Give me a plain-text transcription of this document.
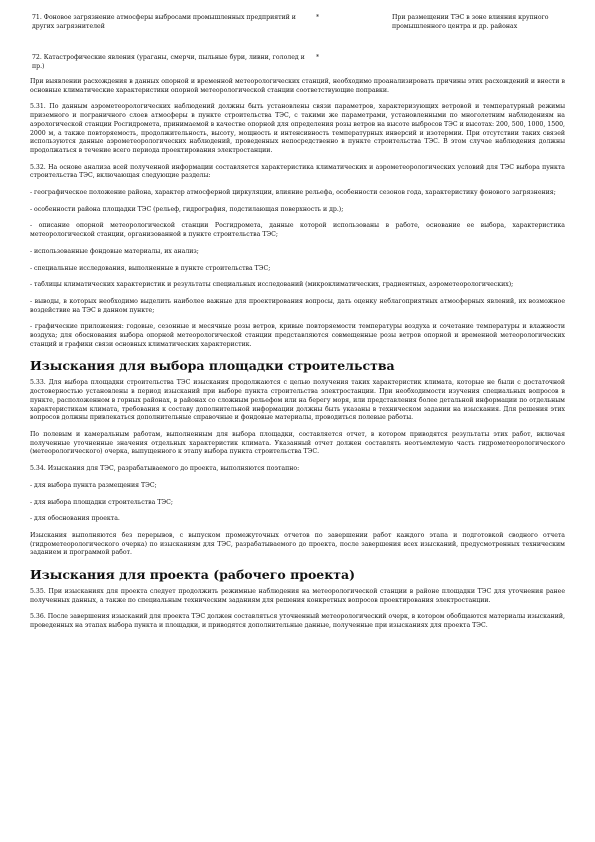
71. Фоновое загрязнение атмосферы выбросами промышленных предприятий и других загрязнителей
*	При размещении ТЭС в зоне влияния крупного промышленного центра и др. районах
72. Катастрофические явления (ураганы, смерчи, пыльные бури, ливни, гололед и пр.)
*

При выявлении расхождения в данных опорной и временной метеорологических станций, необходимо проанализировать причины этих расхождений и внести в основные климатические характеристики опорной метеорологической станции соответствующие поправки.

5.31. По данным аэрометеорологических наблюдений должны быть установлены связи параметров, характеризующих ветровой и температурный режимы приземного и пограничного слоев атмосферы в пункте строительства ТЭС, с такими же параметрами, установленными по многолетним наблюдениям на аэрологической станции Росгидромета, принимаемой в качестве опорной для определения розы ветров на высоте выбросов ТЭС и высотах: 200, 500, 1000, 1500, 2000 м, а также повторяемость, продолжительность, высоту, мощность и интенсивность температурных инверсий и изотермии. При отсутствии таких связей используются данные аэрометеорологических наблюдений, проведенных непосредственно в пункте строительства ТЭС. В этом случае наблюдения должны продолжаться в течение всего периода проектирования электростанции.

5.32. На основе анализа всей полученной информации составляется характеристика климатических и аэрометеорологических условий для ТЭС выбора пункта строительства ТЭС, включающая следующие разделы:

- географическое положение района, характер атмосферной циркуляции, влияние рельефа, особенности сезонов года, характеристику фонового загрязнения;

- особенности района площадки ТЭС (рельеф, гидрография, подстилающая поверхность и др.);

- описание опорной метеорологической станции Росгидромета, данные которой использованы в работе, основание ее выбора, характеристика метеорологической станции, организованной в пункте строительства ТЭС;

- использованные фондовые материалы, их анализ;

- специальные исследования, выполненные в пункте строительства ТЭС;

- таблицы климатических характеристик и результаты специальных исследований (микроклиматических, градиентных, аэрометеорологических);

- выводы, в которых необходимо выделить наиболее важные для проектирования вопросы, дать оценку неблагоприятных атмосферных явлений, их возможное воздействие на ТЭС в данном пункте;

- графические приложения: годовые, сезонные и месячные розы ветров, кривые повторяемости температуры воздуха и сочетание температуры и влажности воздуха; для обоснования выбора опорной метеорологической станции представляются совмещенные розы ветров опорной и временной метеорологических станций и графики связи основных климатических характеристик.

Изыскания для выбора площадки строительства

5.33. Для выбора площадки строительства ТЭС изыскания продолжаются с целью получения таких характеристик климата, которые не были с достаточной достоверностью установлены в период изысканий при выборе пункта строительства электростанции. При необходимости изучения специальных вопросов в пункте, расположенном в горных районах, в районах со сложным рельефом или на берегу моря, или представления более детальной информации по отдельным характеристикам климата, требования к составу дополнительной информации должны быть указаны в техническом задании на изыскания. Для решения этих вопросов должны привлекаться дополнительные справочные и фондовые материалы, проводиться полевые работы.

По полевым и камеральным работам, выполненным для выбора площадки, составляется отчет, в котором приводятся результаты этих работ, включая полученные уточненные значения отдельных характеристик климата. Указанный отчет должен составлять неотъемлемую часть гидрометеорологического (метеорологического) очерка, выпущенного к этапу выбора пункта строительства ТЭС.

5.34. Изыскания для ТЭС, разрабатываемого до проекта, выполняются поэтапно:

- для выбора пункта размещения ТЭС;

- для выбора площадки строительства ТЭС;

- для обоснования проекта.

Изыскания выполняются без перерывов, с выпуском промежуточных отчетов по завершении работ каждого этапа и подготовкой сводного отчета (гидрометеорологического очерка) по изысканиям для ТЭС, разрабатываемого до проекта, после завершения всех изысканий, предусмотренных техническим заданием и программой работ.

Изыскания для проекта (рабочего проекта)

5.35. При изысканиях для проекта следует продолжить режимные наблюдения на метеорологической станции в районе площадки ТЭС для уточнения ранее полученных данных, а также по специальным техническим заданиям для решения конкретных вопросов проектирования электростанции.

5.36. После завершения изысканий для проекта ТЭС должен составляться уточненный метеорологический очерк, в котором обобщаются материалы изысканий, проведенных на этапах выбора пункта и площадки, и приводятся дополнительные данные, полученные при изысканиях для проекта ТЭС.
